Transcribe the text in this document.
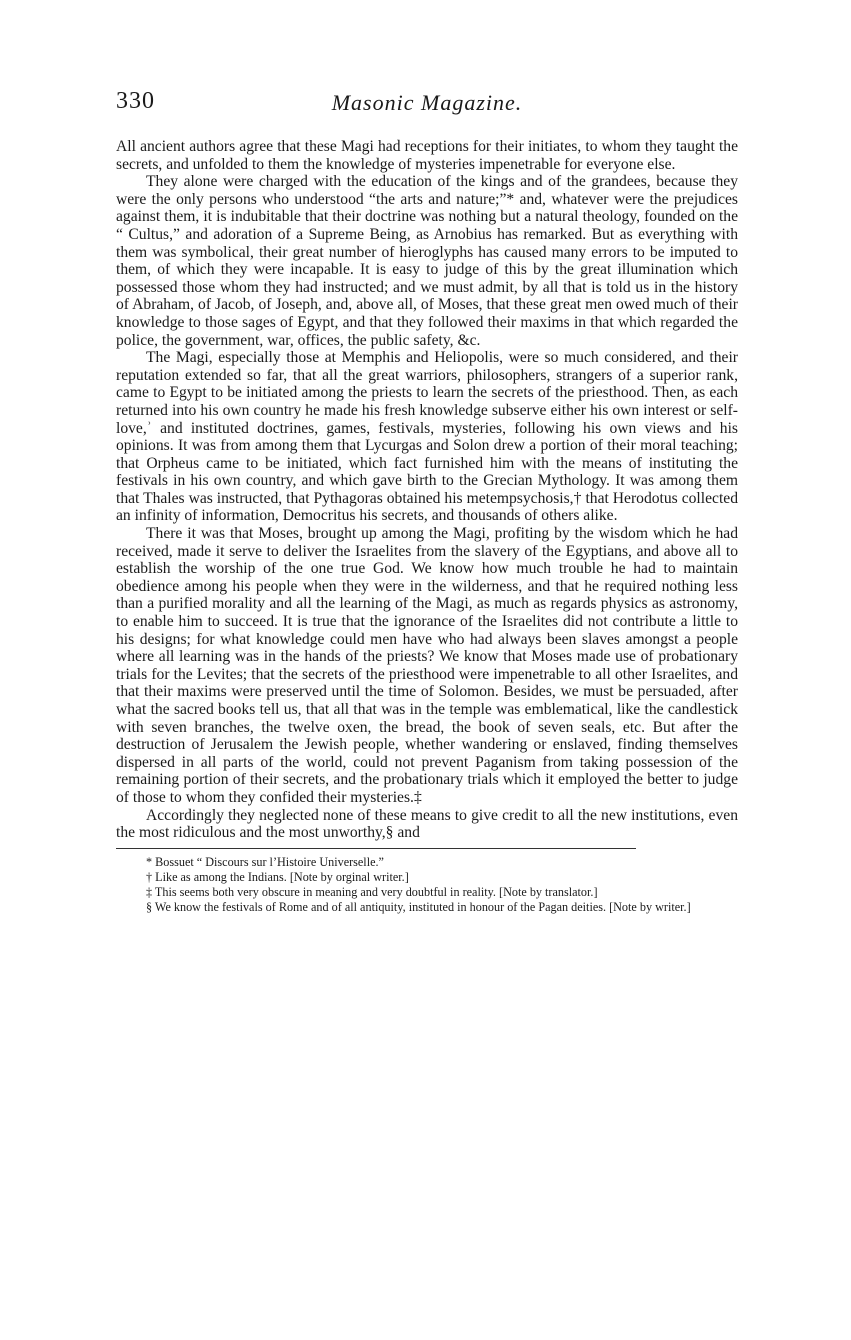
330	Masonic Magazine.

All ancient authors agree that these Magi had receptions for their initiates, to whom they taught the secrets, and unfolded to them the knowledge of mysteries impenetrable for everyone else.

They alone were charged with the education of the kings and of the grandees, because they were the only persons who understood “the arts and nature;”* and, whatever were the prejudices against them, it is indubitable that their doctrine was nothing but a natural theology, founded on the “ Cultus,” and adoration of a Supreme Being, as Arnobius has remarked. But as everything with them was symbolical, their great number of hieroglyphs has caused many errors to be imputed to them, of which they were incapable. It is easy to judge of this by the great illumination which possessed those whom they had instructed; and we must admit, by all that is told us in the history of Abraham, of Jacob, of Joseph, and, above all, of Moses, that these great men owed much of their knowledge to those sages of Egypt, and that they followed their maxims in that which regarded the police, the government, war, offices, the public safety, &c.

The Magi, especially those at Memphis and Heliopolis, were so much considered, and their reputation extended so far, that all the great warriors, philosophers, strangers of a superior rank, came to Egypt to be initiated among the priests to learn the secrets of the priesthood. Then, as each returned into his own country he made his fresh knowledge subserve either his own interest or self-love,ʾ and instituted doctrines, games, festivals, mysteries, following his own views and his opinions. It was from among them that Lycurgas and Solon drew a portion of their moral teaching; that Orpheus came to be initiated, which fact furnished him with the means of instituting the festivals in his own country, and which gave birth to the Grecian Mythology. It was among them that Thales was instructed, that Pythagoras obtained his metempsychosis,† that Herodotus collected an infinity of information, Democritus his secrets, and thousands of others alike.

There it was that Moses, brought up among the Magi, profiting by the wisdom which he had received, made it serve to deliver the Israelites from the slavery of the Egyptians, and above all to establish the worship of the one true God. We know how much trouble he had to maintain obedience among his people when they were in the wilderness, and that he required nothing less than a purified morality and all the learning of the Magi, as much as regards physics as astronomy, to enable him to succeed. It is true that the ignorance of the Israelites did not contribute a little to his designs; for what knowledge could men have who had always been slaves amongst a people where all learning was in the hands of the priests? We know that Moses made use of probationary trials for the Levites; that the secrets of the priesthood were impenetrable to all other Israelites, and that their maxims were preserved until the time of Solomon. Besides, we must be persuaded, after what the sacred books tell us, that all that was in the temple was emblematical, like the candlestick with seven branches, the twelve oxen, the bread, the book of seven seals, etc. But after the destruction of Jerusalem the Jewish people, whether wandering or enslaved, finding themselves dispersed in all parts of the world, could not prevent Paganism from taking possession of the remaining portion of their secrets, and the probationary trials which it employed the better to judge of those to whom they confided their mysteries.‡

Accordingly they neglected none of these means to give credit to all the new institutions, even the most ridiculous and the most unworthy,§ and

* Bossuet “ Discours sur l’Histoire Universelle.”

† Like as among the Indians. [Note by orginal writer.]

‡ This seems both very obscure in meaning and very doubtful in reality. [Note by translator.]

§ We know the festivals of Rome and of all antiquity, instituted in honour of the Pagan deities. [Note by writer.]
